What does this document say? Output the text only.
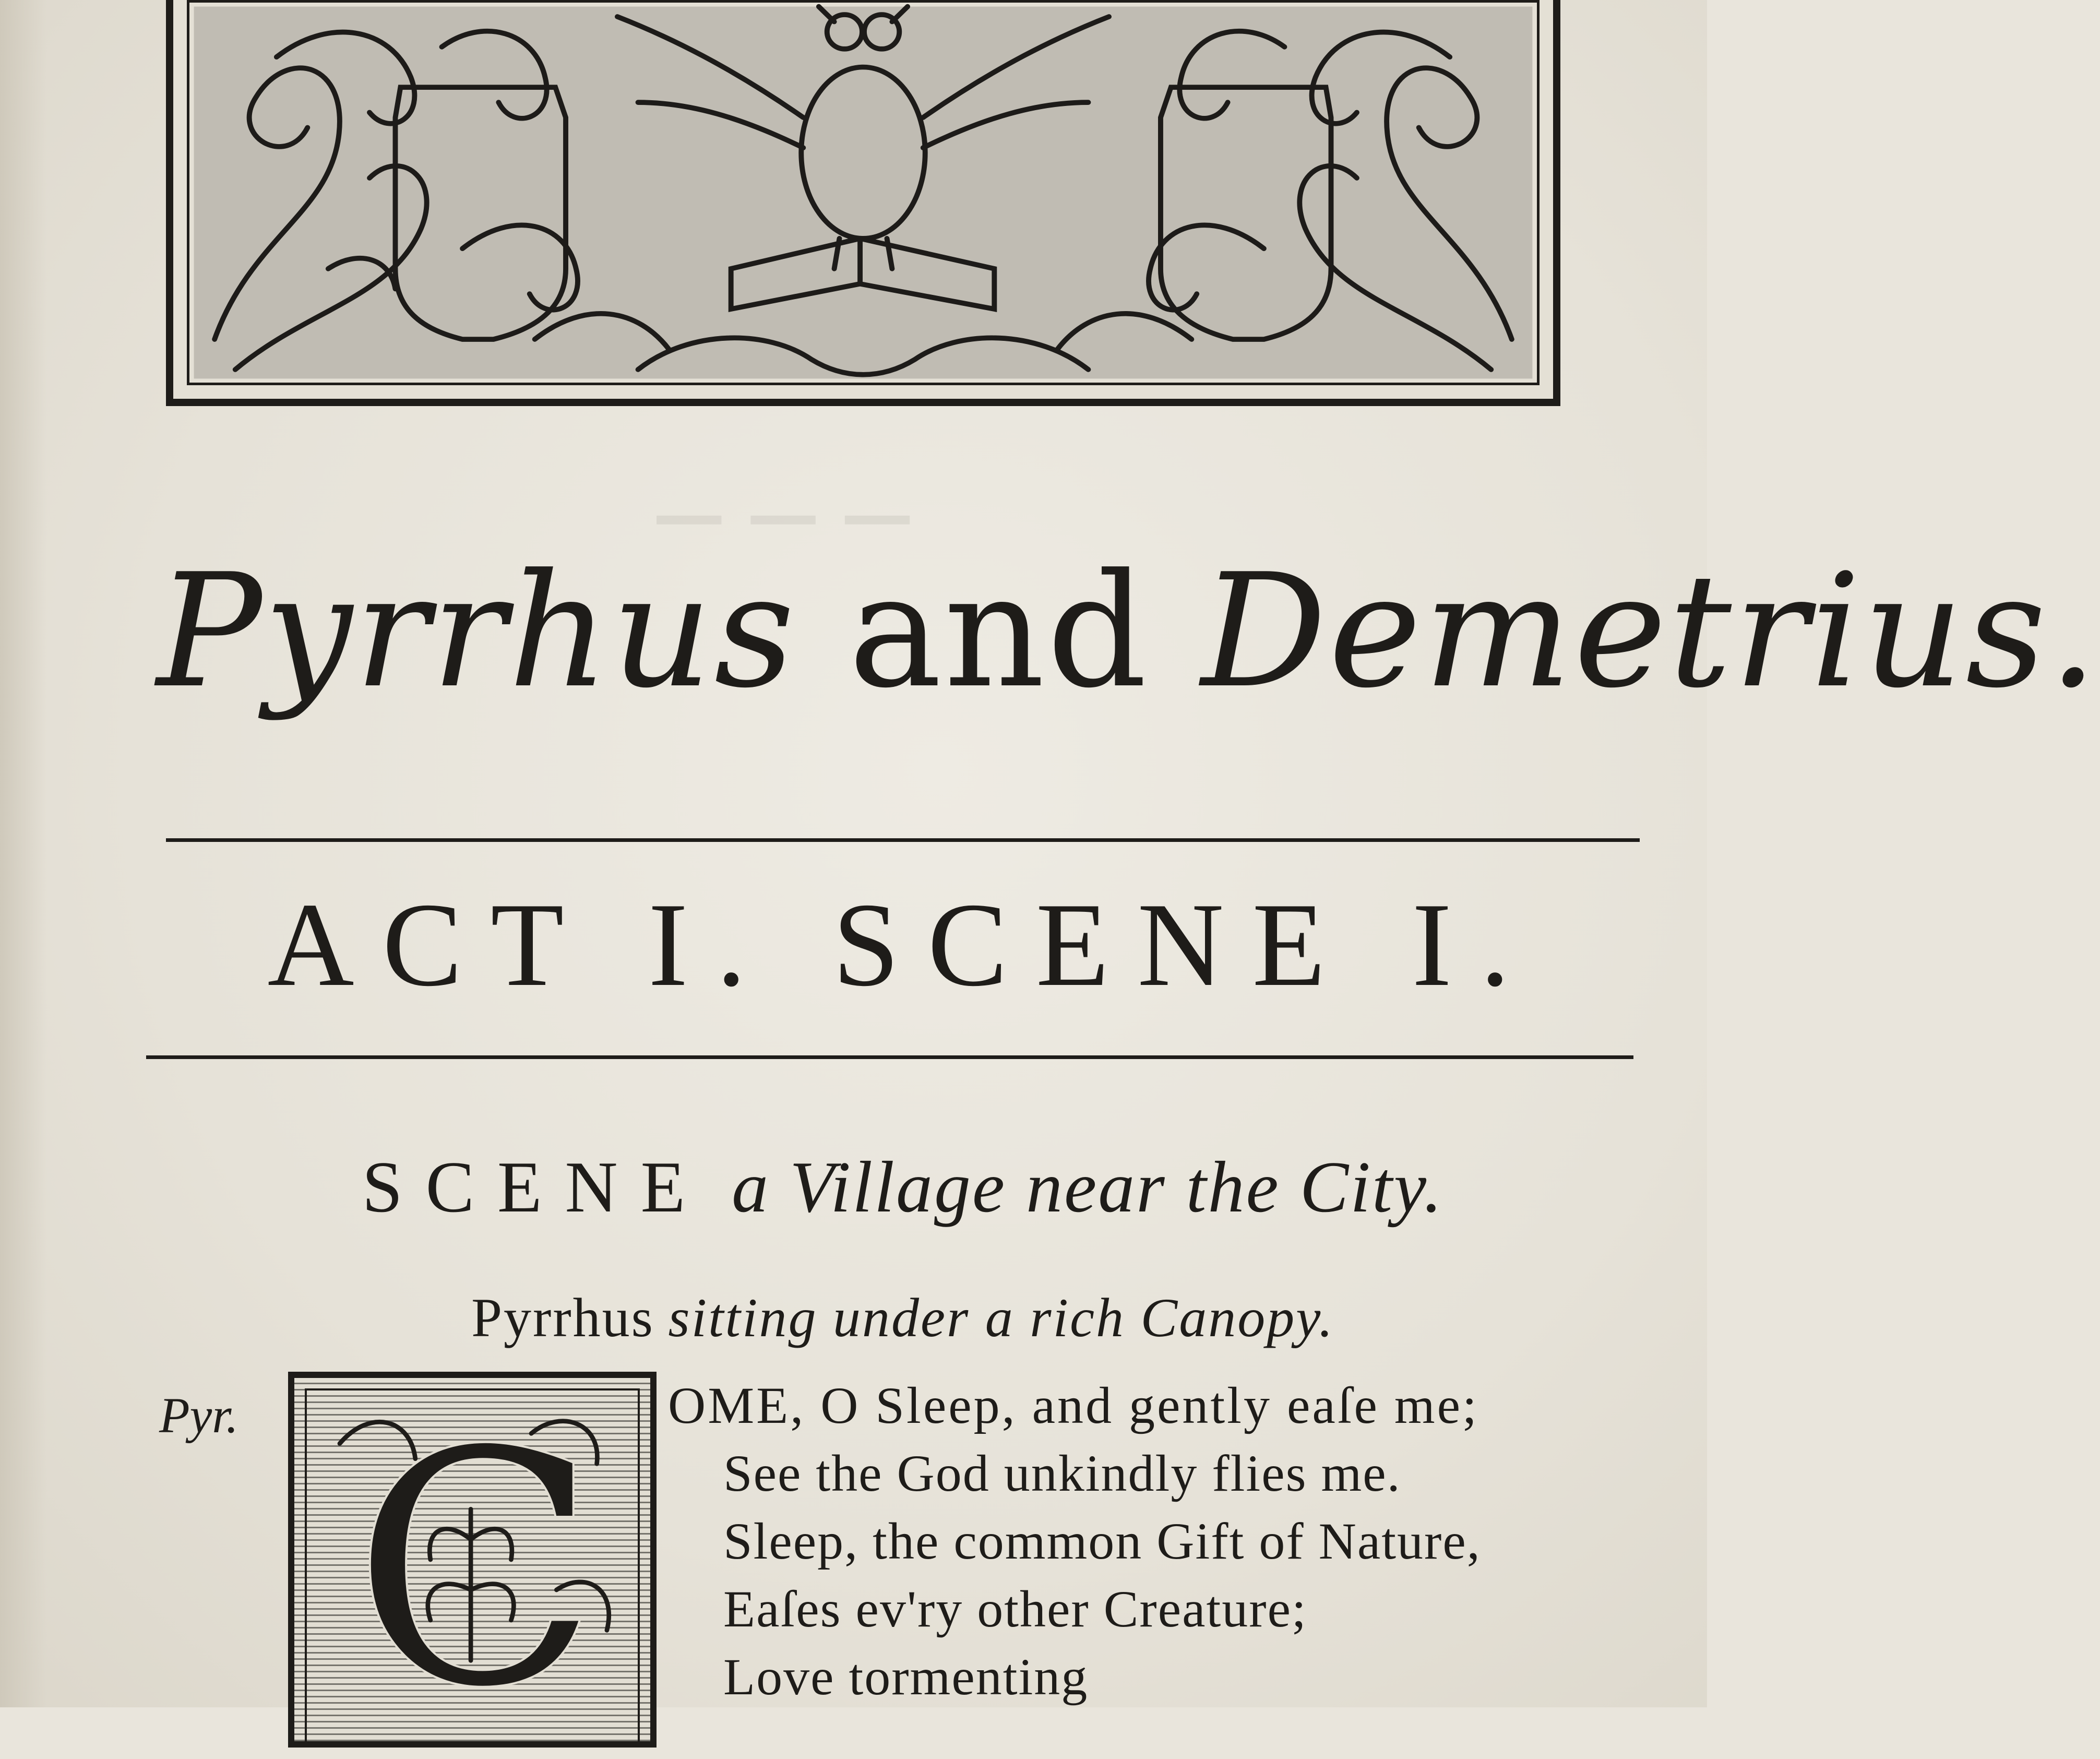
───
Pyrrhus and Demetrius.
ACT I. SCENE I.
SCENE a Village near the City.
Pyrrhus sitting under a rich Canopy.
Pyr. C OME, O Sleep, and gently eaſe me;
See the God unkindly flies me.
Sleep, the common Gift of Nature,
Eaſes ev'ry other Creature;
Love tormenting
